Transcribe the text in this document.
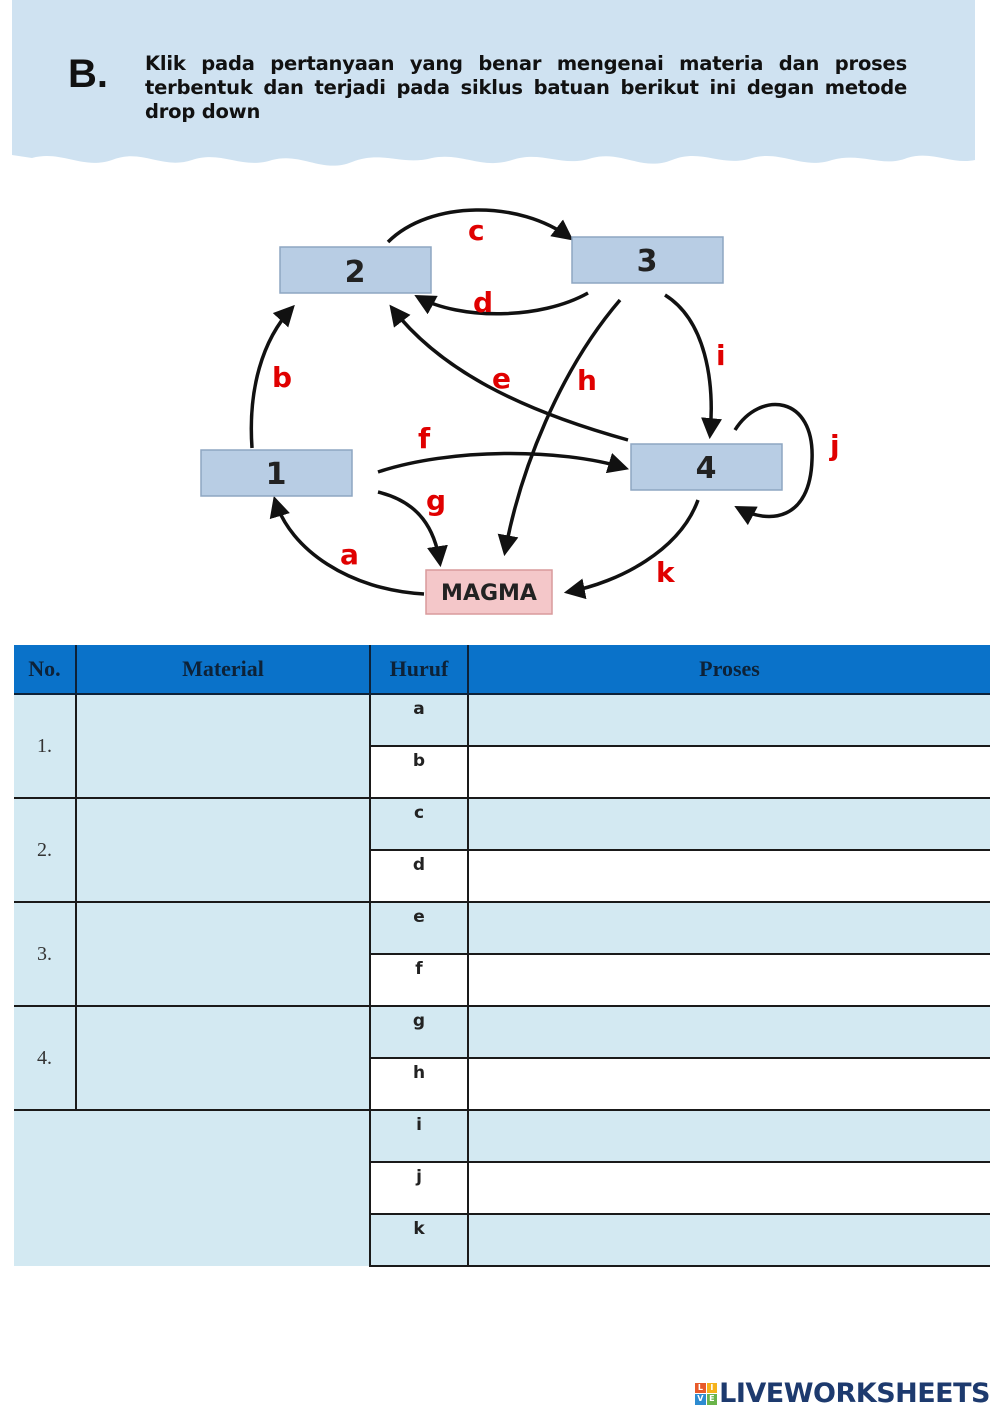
B. Klik pada pertanyaan yang benar mengenai materia dan proses terbentuk dan terjadi pada siklus batuan berikut ini degan metode drop down
2	3
1	4
MAGMA
a
b
c
d
e
f
g
h
i
j
k
No.	Material	Huruf	Proses
1.		a	
		b	
2.		c	
		d	
3.		e	
		f	
4.		g	
		h	
		i	
		j	
		k	
L I
V E LIVEWORKSHEETS
